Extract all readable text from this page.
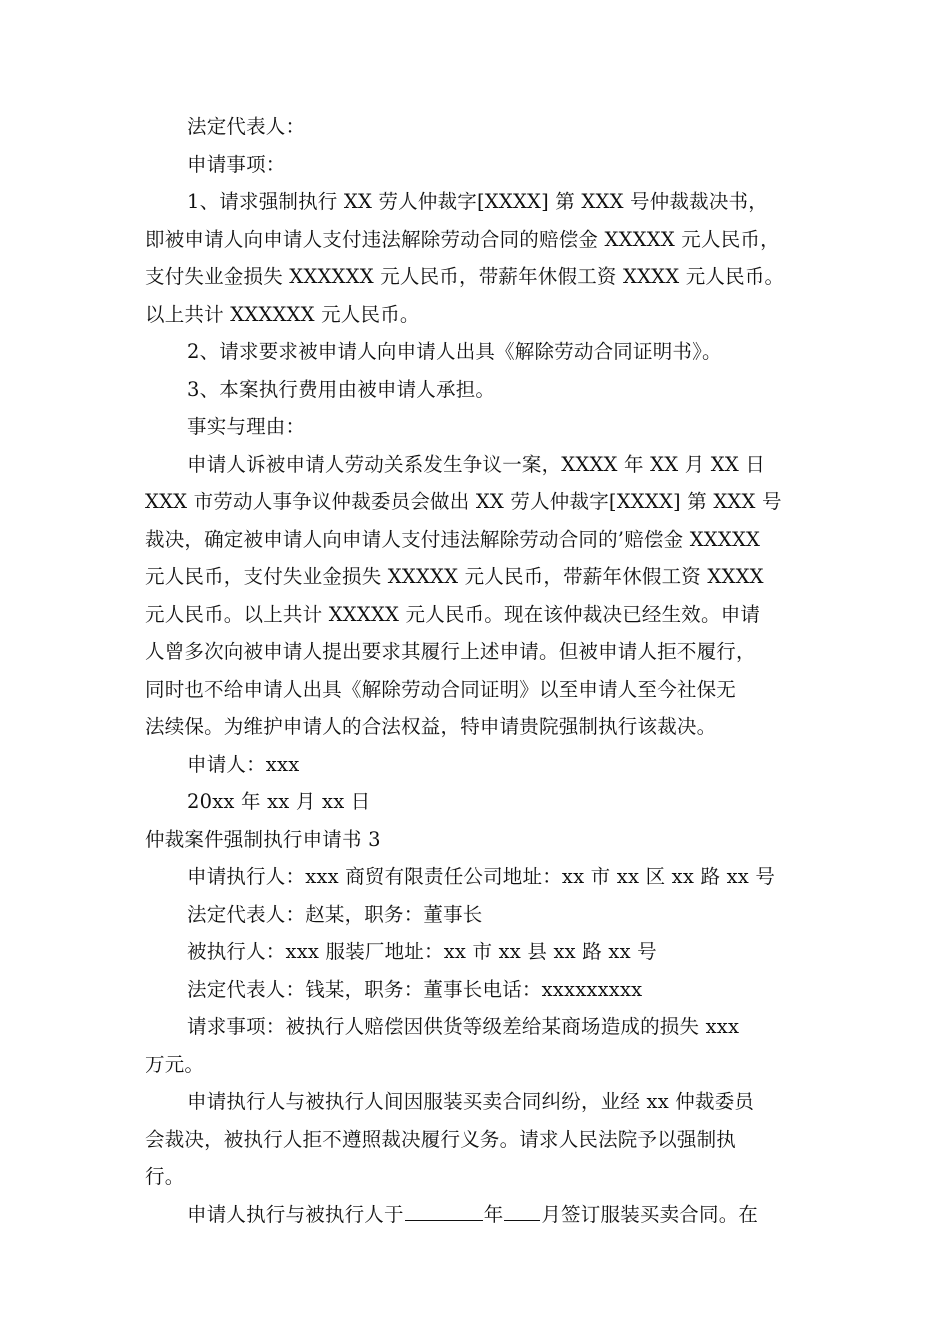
法定代表人：
申请事项：
1、请求强制执行 XX 劳人仲裁字[XXXX] 第 XXX 号仲裁裁决书，
即被申请人向申请人支付违法解除劳动合同的赔偿金 XXXXX 元人民币，
支付失业金损失 XXXXXX 元人民币，带薪年休假工资 XXXX 元人民币。
以上共计 XXXXXX 元人民币。
2、请求要求被申请人向申请人出具《解除劳动合同证明书》。
3、本案执行费用由被申请人承担。
事实与理由：
申请人诉被申请人劳动关系发生争议一案，XXXX 年 XX 月 XX 日
XXX 市劳动人事争议仲裁委员会做出 XX 劳人仲裁字[XXXX] 第 XXX 号
裁决，确定被申请人向申请人支付违法解除劳动合同的’赔偿金 XXXXX
元人民币，支付失业金损失 XXXXX 元人民币，带薪年休假工资 XXXX
元人民币。以上共计 XXXXX 元人民币。现在该仲裁决已经生效。申请
人曾多次向被申请人提出要求其履行上述申请。但被申请人拒不履行，
同时也不给申请人出具《解除劳动合同证明》以至申请人至今社保无
法续保。为维护申请人的合法权益，特申请贵院强制执行该裁决。
申请人：xxx
20xx 年 xx 月 xx 日
仲裁案件强制执行申请书 3
申请执行人：xxx 商贸有限责任公司地址：xx 市 xx 区 xx 路 xx 号
法定代表人：赵某，职务：董事长
被执行人：xxx 服装厂地址：xx 市 xx 县 xx 路 xx 号
法定代表人：钱某，职务：董事长电话：xxxxxxxxx
请求事项：被执行人赔偿因供货等级差给某商场造成的损失 xxx
万元。
申请执行人与被执行人间因服装买卖合同纠纷，业经 xx 仲裁委员
会裁决，被执行人拒不遵照裁决履行义务。请求人民法院予以强制执
行。
申请人执行与被执行人于	年 月签订服装买卖合同。在
